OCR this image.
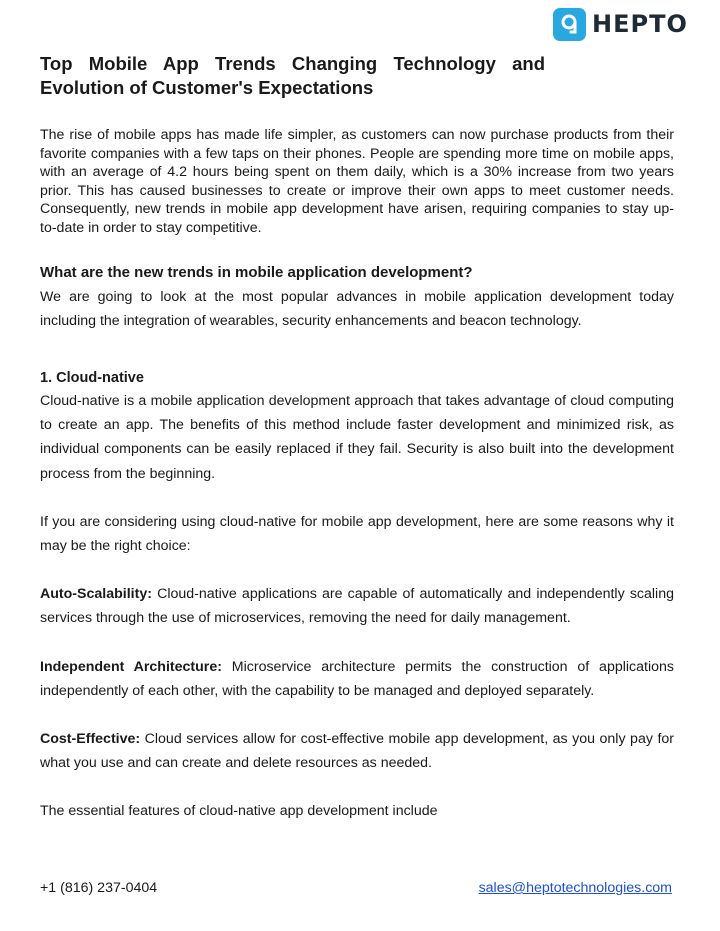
HEPTO
Top Mobile App Trends Changing Technology and Evolution of Customer's Expectations

The rise of mobile apps has made life simpler, as customers can now purchase products from their favorite companies with a few taps on their phones. People are spending more time on mobile apps, with an average of 4.2 hours being spent on them daily, which is a 30% increase from two years prior. This has caused businesses to create or improve their own apps to meet customer needs. Consequently, new trends in mobile app development have arisen, requiring companies to stay up-to-date in order to stay competitive.

What are the new trends in mobile application development?

We are going to look at the most popular advances in mobile application development today including the integration of wearables, security enhancements and beacon technology.

1. Cloud-native

Cloud-native is a mobile application development approach that takes advantage of cloud computing to create an app. The benefits of this method include faster development and minimized risk, as individual components can be easily replaced if they fail. Security is also built into the development process from the beginning.

If you are considering using cloud-native for mobile app development, here are some reasons why it may be the right choice:

Auto-Scalability: Cloud-native applications are capable of automatically and independently scaling services through the use of microservices, removing the need for daily management.

Independent Architecture: Microservice architecture permits the construction of applications independently of each other, with the capability to be managed and deployed separately.

Cost-Effective: Cloud services allow for cost-effective mobile app development, as you only pay for what you use and can create and delete resources as needed.

The essential features of cloud-native app development include

+1 (816) 237-0404	sales@heptotechnologies.com
